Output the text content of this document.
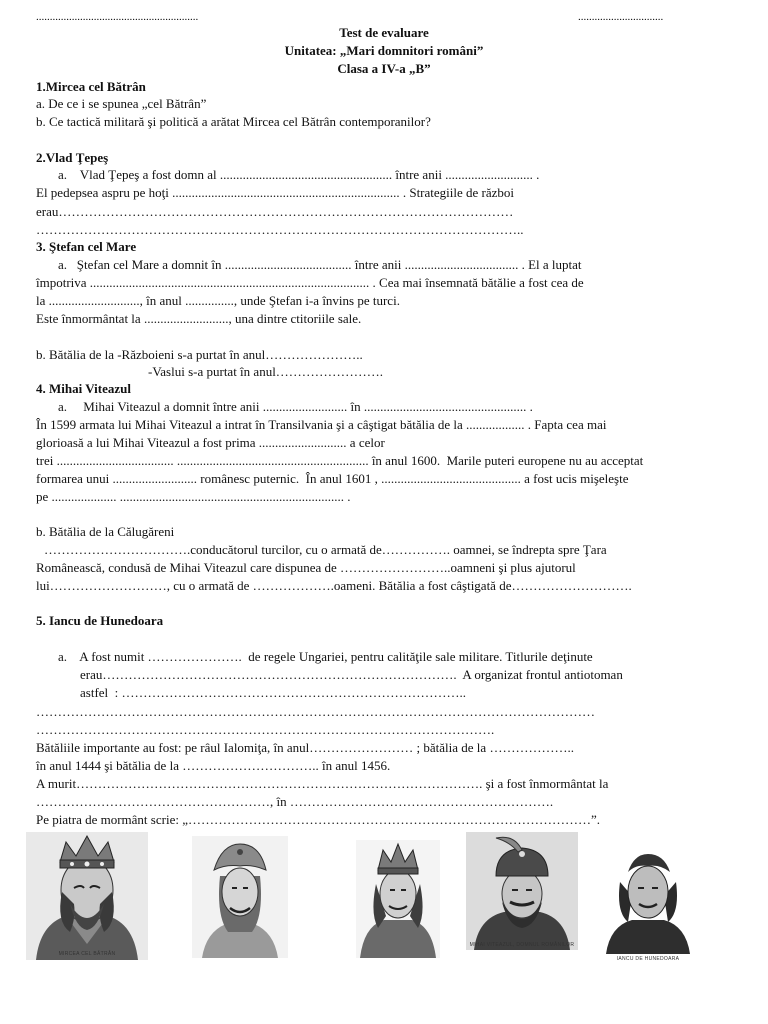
...........................................................	...............................
Test de evaluare
Unitatea: „Mari domnitori români”
Clasa a IV-a „B”
1.Mircea cel Bătrân
a. De ce i se spunea „cel Bătrân”
b. Ce tactică militară şi politică a arătat Mircea cel Bătrân contemporanilor?
2.Vlad Ţepeş
a.    Vlad Ţepeş a fost domn al ..................................................... între anii ........................... .
El pedepsea aspru pe hoţi ...................................................................... . Strategiile de război
erau……………………………………………………………………………………………
…………………………………………………………………………………………………..
3. Ştefan cel Mare
a.   Ştefan cel Mare a domnit în ....................................... între anii ................................... . El a luptat
împotriva ...................................................................................... . Cea mai însemnată bătălie a fost cea de
la ............................, în anul ..............., unde Ştefan i-a învins pe turci.
Este înmormântat la .........................., una dintre ctitoriile sale.
b. Bătălia de la -Războieni s-a purtat în anul…………………..
-Vaslui s-a purtat în anul…………………….
4. Mihai Viteazul
a.     Mihai Viteazul a domnit între anii .......................... în .................................................. .
În 1599 armata lui Mihai Viteazul a intrat în Transilvania şi a câştigat bătălia de la .................. . Fapta cea mai
glorioasă a lui Mihai Viteazul a fost prima ........................... a celor
trei .................................... ........................................................... în anul 1600.  Marile puteri europene nu au acceptat
formarea unui .......................... românesc puternic.  În anul 1601 , ........................................... a fost ucis mişeleşte
pe .................... ..................................................................... .
b. Bătălia de la Călugăreni
…………………………….conducătorul turcilor, cu o armată de……………. oamnei, se îndrepta spre Ţara
Românească, condusă de Mihai Viteazul care dispunea de ……………………..oamneni şi plus ajutorul
lui………………………, cu o armată de ……………….oameni. Bătălia a fost câştigată de……………………….
5. Iancu de Hunedoara
a.    A fost numit ………………….  de regele Ungariei, pentru calităţile sale militare. Titlurile deţinute
erau……………………………………………………………………….  A organizat frontul antiotoman
astfel  : ……………………………………………………………………..
…………………………………………………………………………………………………………………
…………………………………………………………………………………………….
Bătăliile importante au fost: pe râul Ialomiţa, în anul…………………… ; bătălia de la ………………..
în anul 1444 şi bătălia de la ………………………….. în anul 1456.
A murit…………………………………………………………………………………. şi a fost înmormântat la
………………………………………………, în …………………………………………………….
Pe piatra de mormânt scrie: „…………………………………………………………………………………”.
MIRCEA CEL BĂTRÂN
MIHAI VITEAZUL, DOMNUL ROMÂNILOR
IANCU DE HUNEDOARA
